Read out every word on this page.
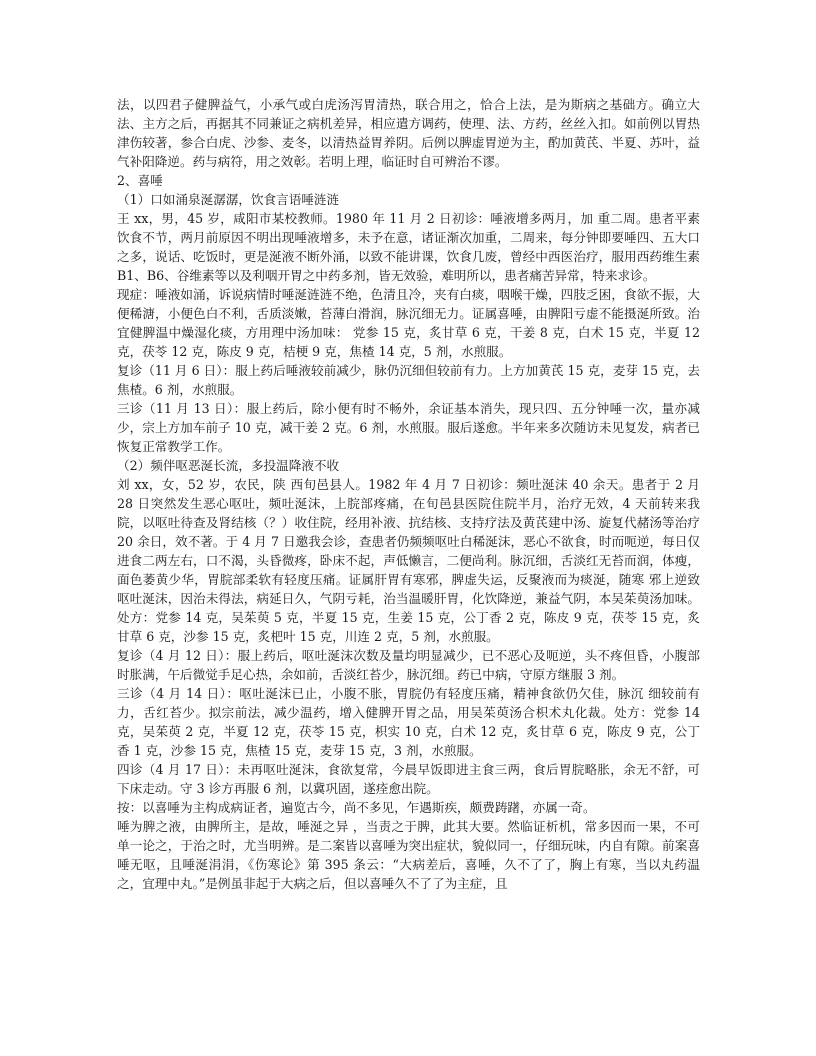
法，以四君子健脾益气，小承气或白虎汤泻胃清热，联合用之，恰合上法，是为斯病之基础方。确立大法、主方之后，再据其不同兼证之病机差异，相应遣方调药，使理、法、方药，丝丝入扣。如前例以胃热津伤较著，参合白虎、沙参、麦冬，以清热益胃养阴。后例以脾虚胃逆为主，酌加黄芪、半夏、苏叶，益气补阳降逆。药与病符，用之效彰。若明上理，临证时自可辨治不谬。

2、喜唾

（1）口如涌泉涎潺潺，饮食言语唾涟涟

王 xx，男，45 岁，咸阳市某校教师。1980 年 11 月 2 日初诊：唾液增多两月，加 重二周。患者平素饮食不节，两月前原因不明出现唾液增多，未予在意，诸证渐次加重，二周来，每分钟即要唾四、五大口之多，说话、吃饭时，更是涎液不断外涌，以致不能讲课，饮食几废，曾经中西医治疗，服用西药维生素 B1、B6、谷维素等以及利咽开胃之中药多剂，皆无效验，难明所以，患者痛苦异常，特来求诊。

现症：唾液如涌，诉说病情时唾涎涟涟不绝，色清且冷，夹有白痰，咽喉干燥，四肢乏困，食欲不振，大便稀溏，小便色白不利，舌质淡嫩，苔薄白滑润，脉沉细无力。证属喜唾，由脾阳亏虚不能摄涎所致。治宜健脾温中燥湿化痰，方用理中汤加味： 党参 15 克，炙甘草 6 克，干姜 8 克，白术 15 克，半夏 12 克，茯苓 12 克，陈皮 9 克，桔梗 9 克，焦楂 14 克，5 剂，水煎服。

复诊（11 月 6 日）：服上药后唾液较前减少，脉仍沉细但较前有力。上方加黄芪 15 克，麦芽 15 克，去焦楂。6 剂，水煎服。

三诊（11 月 13 日）：服上药后，除小便有时不畅外，余证基本消失，现只四、五分钟唾一次，量亦减少，宗上方加车前子 10 克，减干姜 2 克。6 剂，水煎服。服后遂愈。半年来多次随访未见复发，病者已恢复正常教学工作。

（2）频伴呕恶涎长流，多投温降液不收

刘 xx，女，52 岁，农民，陕 西旬邑县人。1982 年 4 月 7 日初诊：频吐涎沫 40 余天。患者于 2 月 28 日突然发生恶心呕吐，频吐涎沫，上脘部疼痛，在旬邑县医院住院半月，治疗无效，4 天前转来我院，以呕吐待查及肾结核（？）收住院，经用补液、抗结核、支持疗法及黄芪建中汤、旋复代赭汤等治疗 20 余日，效不著。于 4 月 7 日邀我会诊，查患者仍频频呕吐白稀涎沫，恶心不欲食，时而呃逆，每日仅进食二两左右，口不渴，头昏微疼，卧床不起，声低懒言，二便尚利。脉沉细，舌淡红无苔而润，体瘦，面色萎黄少华，胃脘部柔软有轻度压痛。证属肝胃有寒邪，脾虚失运，反聚液而为痰涎，随寒 邪上逆致呕吐涎沫，因治未得法，病延日久，气阴亏耗，治当温暖肝胃，化饮降逆，兼益气阴，本吴茱萸汤加味。处方：党参 14 克，吴茱萸 5 克，半夏 15 克，生姜 15 克，公丁香 2 克，陈皮 9 克，茯苓 15 克，炙甘草 6 克，沙参 15 克，炙杷叶 15 克，川连 2 克，5 剂，水煎服。

复诊（4 月 12 日）：服上药后，呕吐涎沫次数及量均明显减少，已不恶心及呃逆，头不疼但昏，小腹部时胀满，午后微觉手足心热，余如前，舌淡红苔少，脉沉细。药已中病，守原方继服 3 剂。

三诊（4 月 14 日）：呕吐涎沫已止，小腹不胀，胃脘仍有轻度压痛，精神食欲仍欠佳，脉沉 细较前有力，舌红苔少。拟宗前法，减少温药，增入健脾开胃之品，用吴茱萸汤合枳术丸化裁。处方：党参 14 克，吴茱萸 2 克，半夏 12 克，茯苓 15 克，枳实 10 克，白术 12 克，炙甘草 6 克，陈皮 9 克，公丁香 1 克，沙参 15 克，焦楂 15 克，麦芽 15 克，3 剂，水煎服。

四诊（4 月 17 日）：未再呕吐涎沫，食欲复常，今晨早饭即进主食三两，食后胃脘略胀，余无不舒，可下床走动。守 3 诊方再服 6 剂，以冀巩固，遂痊愈出院。

按：以喜唾为主构成病证者，遍览古今，尚不多见，乍遇斯疾，颇费踌躇，亦属一奇。

唾为脾之液，由脾所主，是故，唾涎之异 ，当责之于脾，此其大要。然临证析机，常多因而一果，不可单一论之，于治之时，尤当明辨。是二案皆以喜唾为突出症状，貌似同一，仔细玩味，内自有隙。前案喜唾无呕，且唾涎涓涓，《伤寒论》第 395 条云：“大病差后，喜唾，久不了了，胸上有寒，当以丸药温之，宜理中丸。”是例虽非起于大病之后，但以喜唾久不了了为主症，且
